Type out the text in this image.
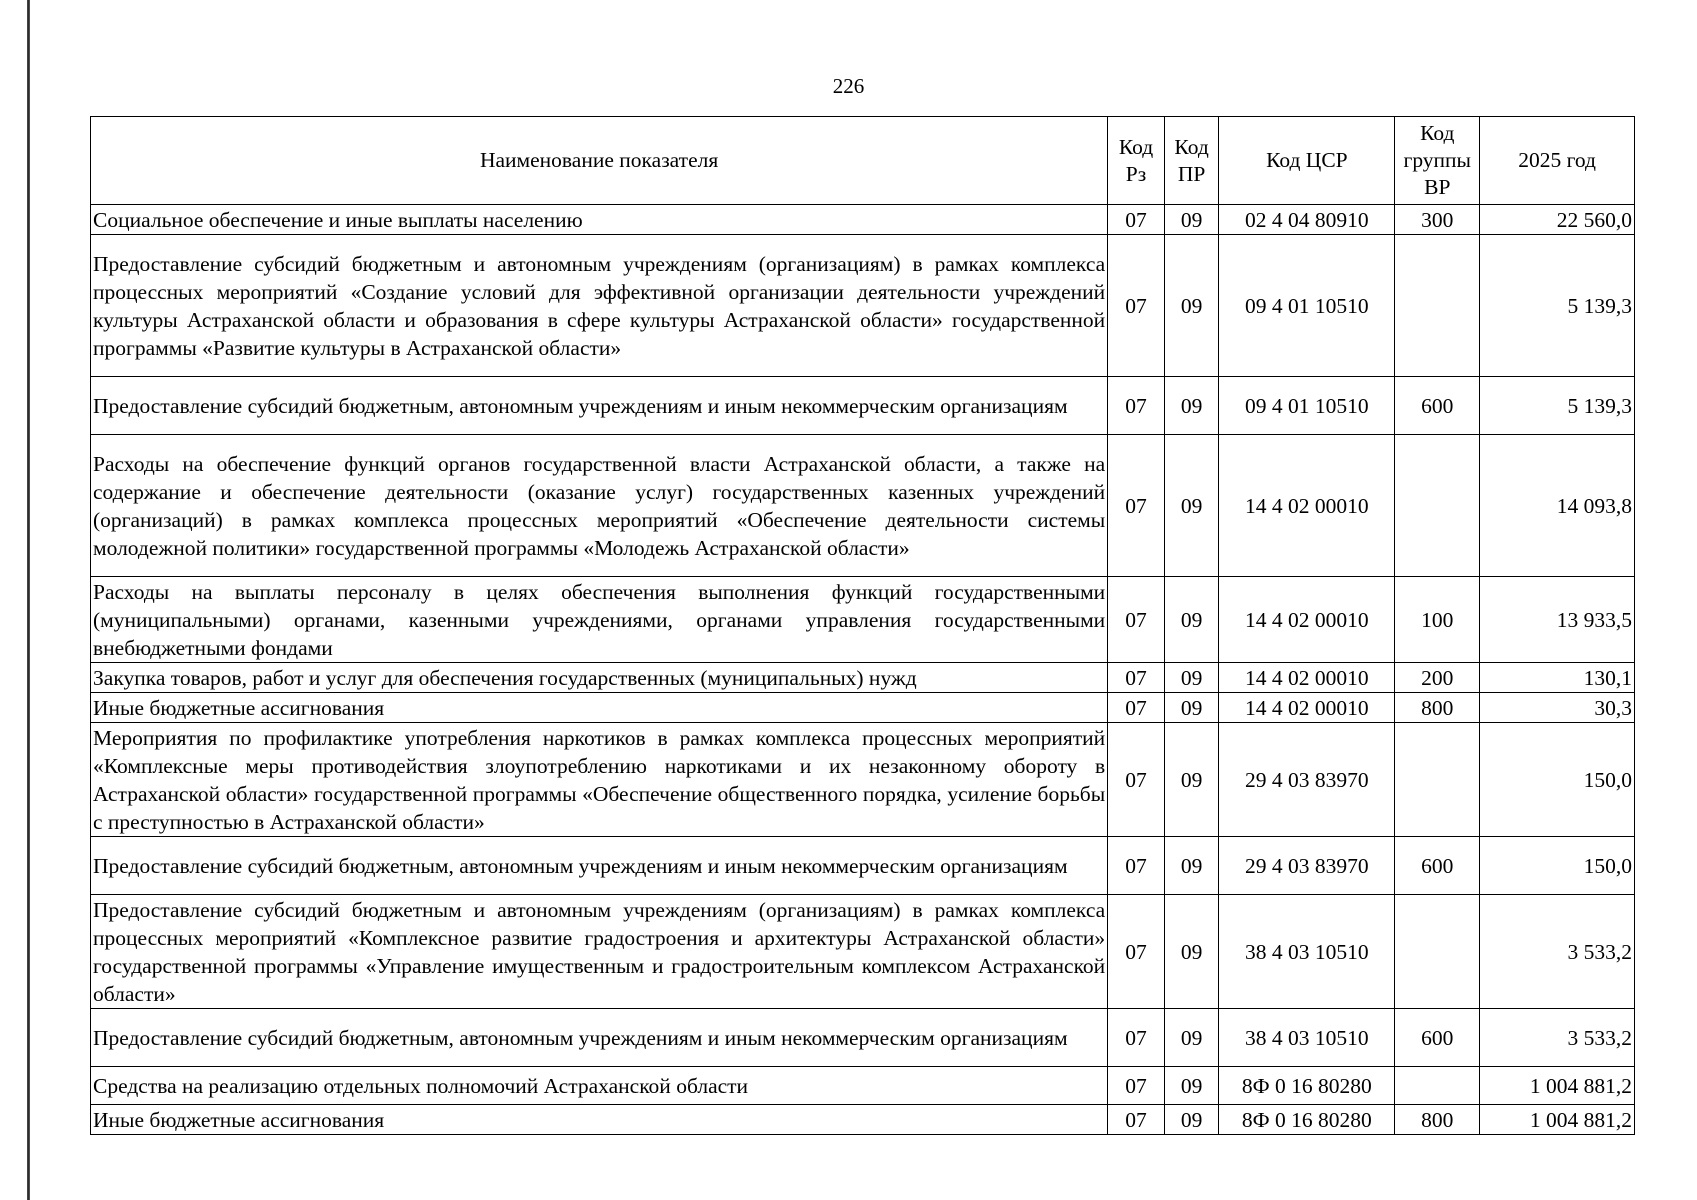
226
Наименование показателя	Код Рз	Код ПР	Код ЦСР	Код группы ВР	2025 год
Социальное обеспечение и иные выплаты населению	07	09	02 4 04 80910	300	22 560,0
Предоставление субсидий бюджетным и автономным учреждениям (организациям) в рамках комплекса процессных мероприятий «Создание условий для эффективной организации деятельности учреждений культуры Астраханской области и образования в сфере культуры Астраханской области» государственной программы «Развитие культуры в Астраханской области»	07	09	09 4 01 10510		5 139,3
Предоставление субсидий бюджетным, автономным учреждениям и иным некоммерческим организациям	07	09	09 4 01 10510	600	5 139,3
Расходы на обеспечение функций органов государственной власти Астраханской области, а также на содержание и обеспечение деятельности (оказание услуг) государственных казенных учреждений (организаций) в рамках комплекса процессных мероприятий «Обеспечение деятельности системы молодежной политики» государственной программы «Молодежь Астраханской области»	07	09	14 4 02 00010		14 093,8
Расходы на выплаты персоналу в целях обеспечения выполнения функций государственными (муниципальными) органами, казенными учреждениями, органами управления государственными внебюджетными фондами	07	09	14 4 02 00010	100	13 933,5
Закупка товаров, работ и услуг для обеспечения государственных (муниципальных) нужд	07	09	14 4 02 00010	200	130,1
Иные бюджетные ассигнования	07	09	14 4 02 00010	800	30,3
Мероприятия по профилактике употребления наркотиков в рамках комплекса процессных мероприятий «Комплексные меры противодействия злоупотреблению наркотиками и их незаконному обороту в Астраханской области» государственной программы «Обеспечение общественного порядка, усиление борьбы с преступностью в Астраханской области»	07	09	29 4 03 83970		150,0
Предоставление субсидий бюджетным, автономным учреждениям и иным некоммерческим организациям	07	09	29 4 03 83970	600	150,0
Предоставление субсидий бюджетным и автономным учреждениям (организациям) в рамках комплекса процессных мероприятий «Комплексное развитие градостроения и архитектуры Астраханской области» государственной программы «Управление имущественным и градостроительным комплексом Астраханской области»	07	09	38 4 03 10510		3 533,2
Предоставление субсидий бюджетным, автономным учреждениям и иным некоммерческим организациям	07	09	38 4 03 10510	600	3 533,2
Средства на реализацию отдельных полномочий Астраханской области	07	09	8Ф 0 16 80280		1 004 881,2
Иные бюджетные ассигнования	07	09	8Ф 0 16 80280	800	1 004 881,2
